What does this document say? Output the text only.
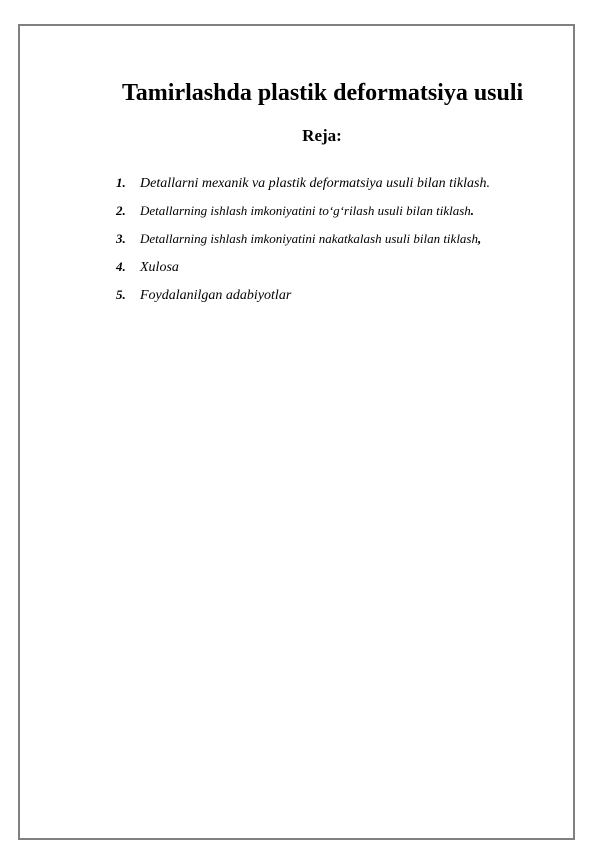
Tamirlashda plastik deformatsiya usuli
Reja:
1.	Detallarni mexanik va plastik deformatsiya usuli bilan tiklash.
2.	Detallarning ishlash imkoniyatini to‘g‘rilash usuli bilan tiklash .
3.	Detallarning ishlash imkoniyatini nakatkalash usuli bilan tiklash ,
4.	Xulosa
5.	Foydalanilgan adabiyotlar
